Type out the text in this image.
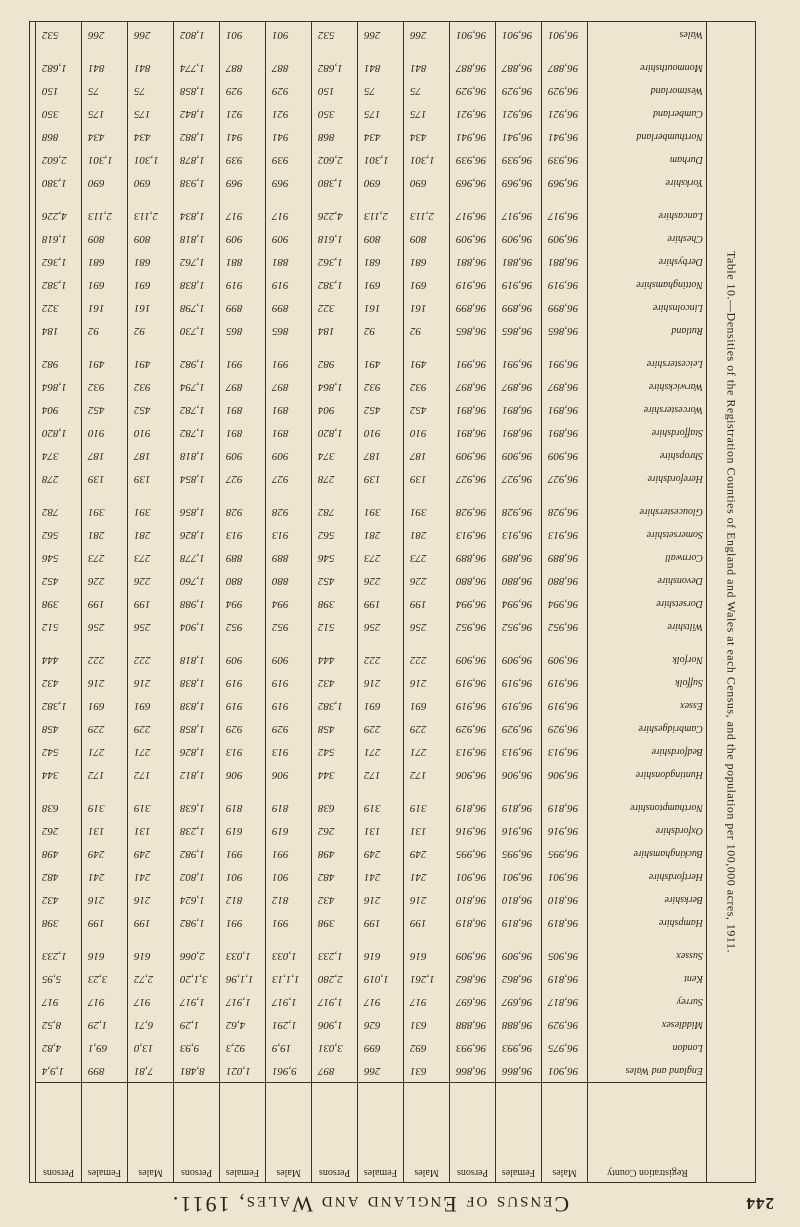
244
Census of England and Wales, 1911.
Table 10.—Densities of the Registration Counties of England and Wales at each Census, and the population per 100,000 acres, 1911.
Registration County
England and Wales
London
Middlesex
Surrey
Kent
Sussex
Hampshire
Berkshire
Hertfordshire
Buckinghamshire
Oxfordshire
Northamptonshire
Huntingdonshire
Bedfordshire
Cambridgeshire
Essex
Suffolk
Norfolk
Wiltshire
Dorsetshire
Devonshire
Cornwall
Somersetshire
Gloucestershire
Herefordshire
Shropshire
Staffordshire
Worcestershire
Warwickshire
Leicestershire
Rutland
Lincolnshire
Nottinghamshire
Derbyshire
Cheshire
Lancashire
Yorkshire
Durham
Northumberland
Cumberland
Westmorland
Monmouthshire
Wales
Males
96,901
96,975
96,929
96,817
96,819
96,905
96,819
96,810
96,901
96,995
96,916
96,819
96,906
96,913
96,929
96,919
96,919
96,909
96,952
96,994
96,880
96,889
96,913
96,928
96,927
96,909
96,891
96,891
96,897
96,991
96,865
96,899
96,919
96,881
96,909
96,917
96,969
96,939
96,941
96,921
96,929
96,887
96,901
Females
96,866
96,993
96,888
96,697
96,862
96,909
96,819
96,810
96,901
96,995
96,916
96,819
96,906
96,913
96,929
96,919
96,919
96,909
96,952
96,994
96,880
96,889
96,913
96,928
96,927
96,909
96,891
96,891
96,897
96,991
96,865
96,899
96,919
96,881
96,909
96,917
96,969
96,939
96,941
96,921
96,929
96,887
96,901
Persons
96,866
96,993
96,888
96,697
96,862
96,909
96,819
96,810
96,901
96,995
96,916
96,819
96,906
96,913
96,929
96,919
96,919
96,909
96,952
96,994
96,880
96,889
96,913
96,928
96,927
96,909
96,891
96,891
96,897
96,991
96,865
96,899
96,919
96,881
96,909
96,917
96,969
96,939
96,941
96,921
96,929
96,887
96,901
Males
631
692
631
917
1,261
616
199
216
241
249
131
319
172
271
229
691
216
222
256
199
226
273
281
391
139
187
910
452
932
491
92
161
691
681
809
2,113
690
1,301
434
175
75
841
266
Females
266
699
626
917
1,019
616
199
216
241
249
131
319
172
271
229
691
216
222
256
199
226
273
281
391
139
187
910
452
932
491
92
161
691
681
809
2,113
690
1,301
434
175
75
841
266
Persons
897
3,031
1,906
1,917
2,280
1,233
398
432
482
498
262
638
344
542
458
1,382
432
444
512
398
452
546
562
782
278
374
1,820
904
1,864
982
184
322
1,382
1,362
1,618
4,226
1,380
2,602
868
350
150
1,682
532
Males
9,961
19,9
1,291
1,917
1,1,13
1,033
991
812
901
991
619
819
906
913
929
919
919
909
952
994
880
889
913
928
927
909
891
891
897
991
865
899
919
881
909
917
969
939
941
921
929
887
901
Females
1,021
92,3
4,62
1,917
1,1,96
1,033
991
812
901
991
619
819
906
913
929
919
919
909
952
994
880
889
913
928
927
909
891
891
897
991
865
899
919
881
909
917
969
939
941
921
929
887
901
Persons
8,481
9,93
1,29
1,917
3,1,20
2,066
1,982
1,624
1,802
1,982
1,238
1,638
1,812
1,826
1,858
1,838
1,838
1,818
1,904
1,988
1,760
1,778
1,826
1,856
1,854
1,818
1,782
1,782
1,794
1,982
1,730
1,798
1,838
1,762
1,818
1,834
1,938
1,878
1,882
1,842
1,858
1,774
1,802
Males
7,81
13,0
6,71
917
2,72
616
199
216
241
249
131
319
172
271
229
691
216
222
256
199
226
273
281
391
139
187
910
452
932
491
92
161
691
681
809
2,113
690
1,301
434
175
75
841
266
Females
899
69,1
1,29
917
3,23
616
199
216
241
249
131
319
172
271
229
691
216
222
256
199
226
273
281
391
139
187
910
452
932
491
92
161
691
681
809
2,113
690
1,301
434
175
75
841
266
Persons
1,9,4
4,82
8,52
917
5,95
1,233
398
432
482
498
262
638
344
542
458
1,382
432
444
512
398
452
546
562
782
278
374
1,820
904
1,864
982
184
322
1,382
1,362
1,618
4,226
1,380
2,602
868
350
150
1,682
532
